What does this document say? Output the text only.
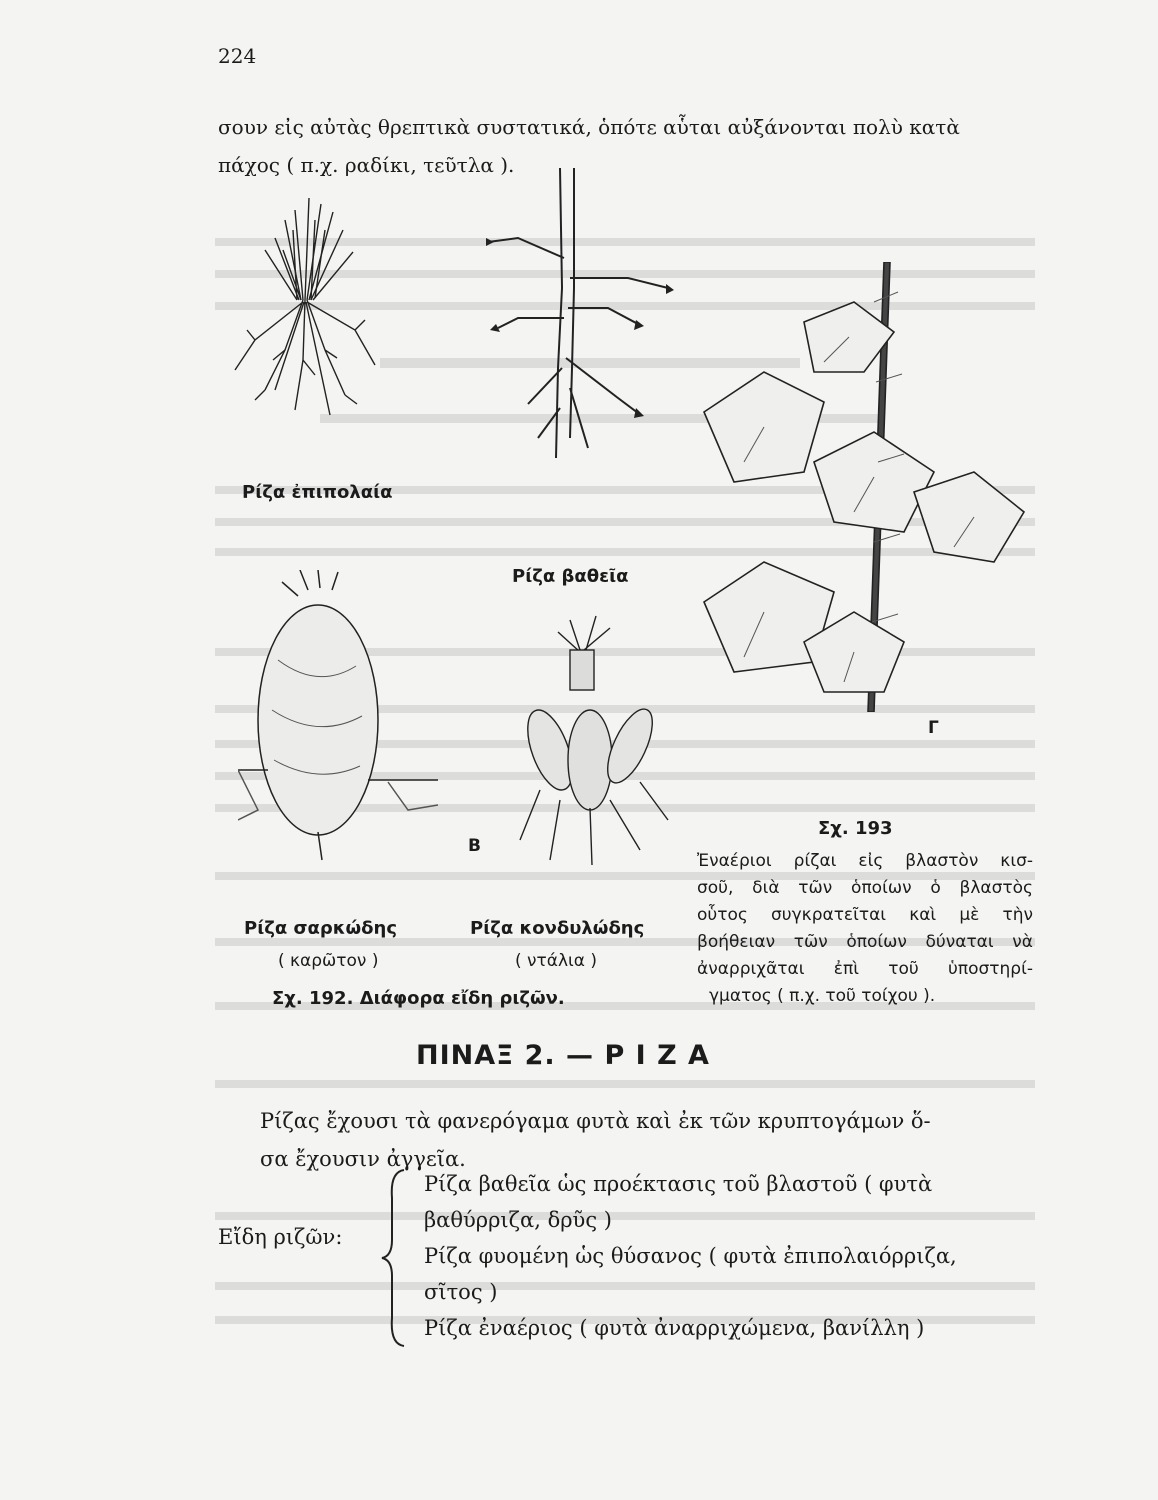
224
σουν εἰς αὐτὰς θρεπτικὰ συστατικά, ὁπότε αὗται αὐξάνονται πολὺ κατὰ
πάχος ( π.χ. ραδίκι, τεῦτλα ).
Ρίζα ἐπιπολαία
Ρίζα βαθεῖα
Ρίζα σαρκώδης
( καρῶτον )
Β
Ρίζα κονδυλώδης
( ντάλια )
Γ
Σχ. 193
Ἐναέριοι ρίζαι εἰς βλαστὸν κισ-
σοῦ, διὰ τῶν ὁποίων ὁ βλαστὸς
οὗτος συγκρατεῖται καὶ μὲ τὴν
βοήθειαν τῶν ὁποίων δύναται νὰ
ἀναρριχᾶται ἐπὶ τοῦ ὑποστηρί-
γματος ( π.χ. τοῦ τοίχου ).
Σχ. 192. Διάφορα εἴδη ριζῶν.
ΠΙΝΑΞ 2. — Ρ Ι Ζ Α
Ρίζας ἔχουσι τὰ φανερόγαμα φυτὰ καὶ ἐκ τῶν κρυπτογάμων ὅ-
σα ἔχουσιν ἀγγεῖα.
Εἴδη ριζῶν:
Ρίζα βαθεῖα ὡς προέκτασις τοῦ βλαστοῦ ( φυτὰ
βαθύρριζα, δρῦς )
Ρίζα φυομένη ὡς θύσανος ( φυτὰ ἐπιπολαιόρριζα,
σῖτος )
Ρίζα ἐναέριος ( φυτὰ ἀναρριχώμενα, βανίλλη )
